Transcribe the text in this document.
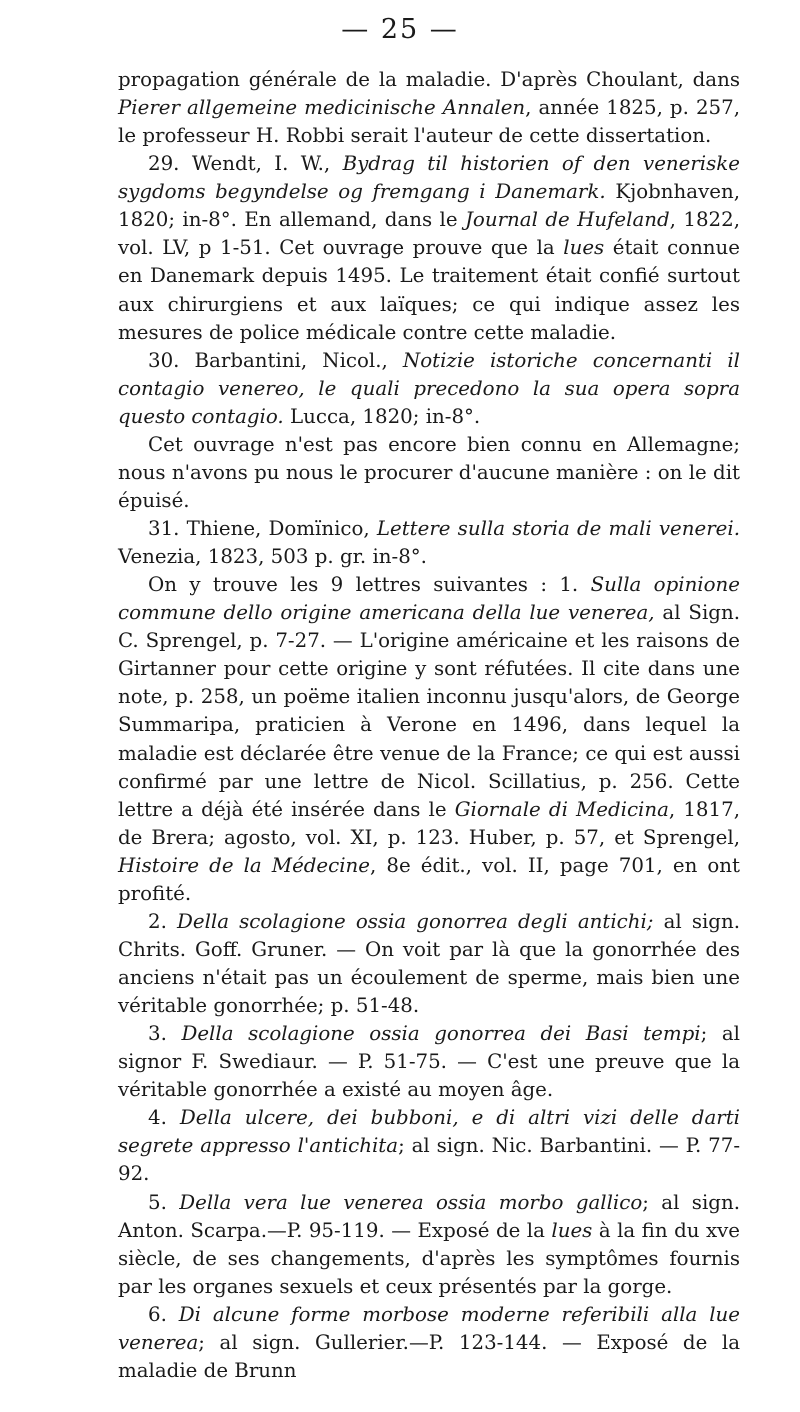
— 25 —

propagation générale de la maladie. D'après Choulant, dans Pierer allgemeine medicinische Annalen, année 1825, p. 257, le professeur H. Robbi serait l'auteur de cette dissertation.

29. Wendt, I. W., Bydrag til historien of den veneriske sygdoms begyndelse og fremgang i Danemark. Kjobnhaven, 1820; in-8°. En allemand, dans le Journal de Hufeland, 1822, vol. LV, p 1-51. Cet ouvrage prouve que la lues était connue en Danemark depuis 1495. Le traitement était confié surtout aux chirurgiens et aux laïques; ce qui indique assez les mesures de police médicale contre cette maladie.

30. Barbantini, Nicol., Notizie istoriche concernanti il contagio venereo, le quali precedono la sua opera sopra questo contagio. Lucca, 1820; in-8°.

Cet ouvrage n'est pas encore bien connu en Allemagne; nous n'avons pu nous le procurer d'aucune manière : on le dit épuisé.

31. Thiene, Domïnico, Lettere sulla storia de mali venerei. Venezia, 1823, 503 p. gr. in-8°.

On y trouve les 9 lettres suivantes : 1. Sulla opinione commune dello origine americana della lue venerea, al Sign. C. Sprengel, p. 7-27. — L'origine américaine et les raisons de Girtanner pour cette origine y sont réfutées. Il cite dans une note, p. 258, un poëme italien inconnu jusqu'alors, de George Summaripa, praticien à Verone en 1496, dans lequel la maladie est déclarée être venue de la France; ce qui est aussi confirmé par une lettre de Nicol. Scillatius, p. 256. Cette lettre a déjà été insérée dans le Giornale di Medicina, 1817, de Brera; agosto, vol. XI, p. 123. Huber, p. 57, et Sprengel, Histoire de la Médecine, 8e édit., vol. II, page 701, en ont profité.

2. Della scolagione ossia gonorrea degli antichi; al sign. Chrits. Goff. Gruner. — On voit par là que la gonorrhée des anciens n'était pas un écoulement de sperme, mais bien une véritable gonorrhée; p. 51-48.

3. Della scolagione ossia gonorrea dei Basi tempi; al signor F. Swediaur. — P. 51-75. — C'est une preuve que la véritable gonorrhée a existé au moyen âge.

4. Della ulcere, dei bubboni, e di altri vizi delle darti segrete appresso l'antichita; al sign. Nic. Barbantini. — P. 77-92.

5. Della vera lue venerea ossia morbo gallico; al sign. Anton. Scarpa.—P. 95-119. — Exposé de la lues à la fin du xve siècle, de ses changements, d'après les symptômes fournis par les organes sexuels et ceux présentés par la gorge.

6. Di alcune forme morbose moderne referibili alla lue venerea; al sign. Gullerier.—P. 123-144. — Exposé de la maladie de Brunn
